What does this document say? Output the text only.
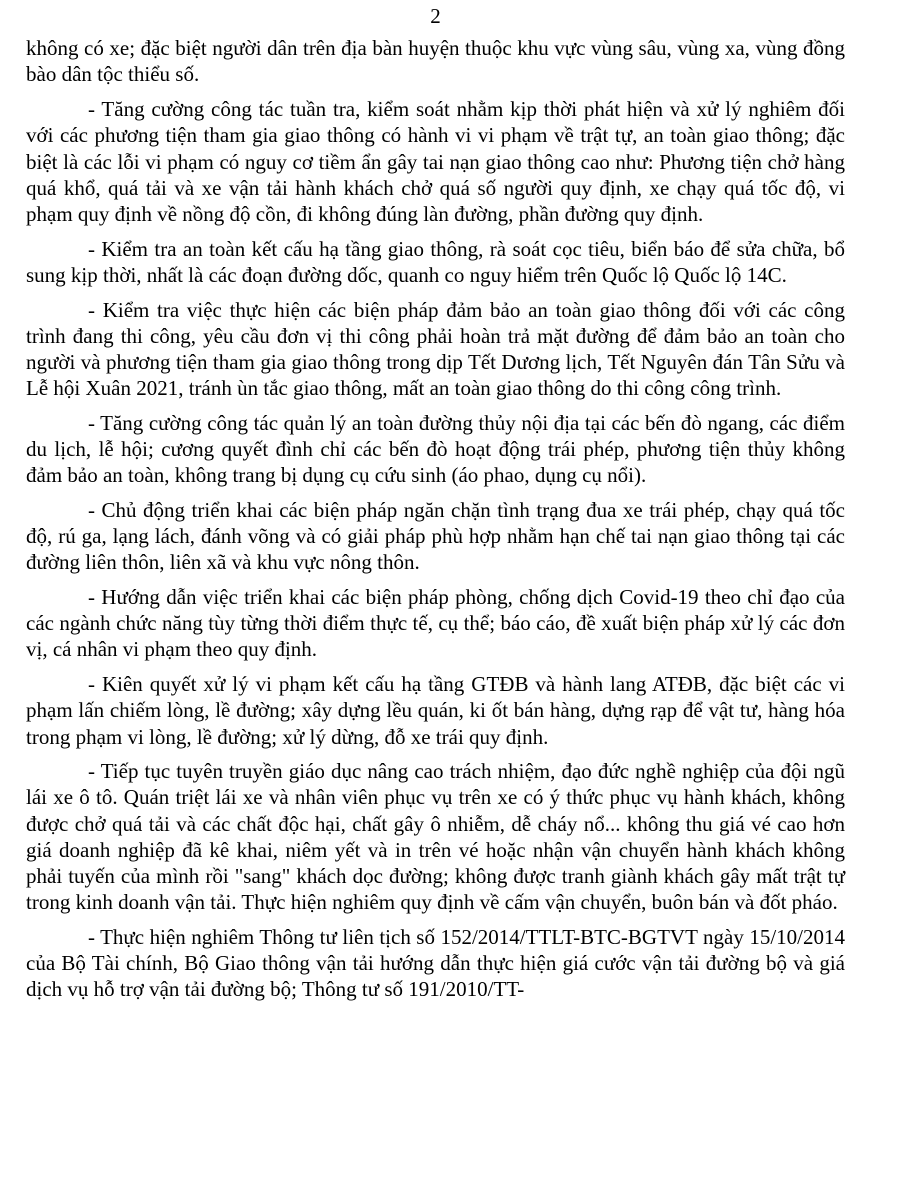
2

không có xe; đặc biệt người dân trên địa bàn huyện thuộc khu vực vùng sâu, vùng xa, vùng đồng bào dân tộc thiểu số.

- Tăng cường công tác tuần tra, kiểm soát nhằm kịp thời phát hiện và xử lý nghiêm đối với các phương tiện tham gia giao thông có hành vi vi phạm về trật tự, an toàn giao thông; đặc biệt là các lỗi vi phạm có nguy cơ tiềm ẩn gây tai nạn giao thông cao như: Phương tiện chở hàng quá khổ, quá tải và xe vận tải hành khách chở quá số người quy định, xe chạy quá tốc độ, vi phạm quy định về nồng độ cồn, đi không đúng làn đường, phần đường quy định.

- Kiểm tra an toàn kết cấu hạ tầng giao thông, rà soát cọc tiêu, biển báo để sửa chữa, bổ sung kịp thời, nhất là các đoạn đường dốc, quanh co nguy hiểm trên Quốc lộ Quốc lộ 14C.

- Kiểm tra việc thực hiện các biện pháp đảm bảo an toàn giao thông đối với các công trình đang thi công, yêu cầu đơn vị thi công phải hoàn trả mặt đường để đảm bảo an toàn cho người và phương tiện tham gia giao thông trong dịp Tết Dương lịch, Tết Nguyên đán Tân Sửu và Lễ hội Xuân 2021, tránh ùn tắc giao thông, mất an toàn giao thông do thi công công trình.

- Tăng cường công tác quản lý an toàn đường thủy nội địa tại các bến đò ngang, các điểm du lịch, lễ hội; cương quyết đình chỉ các bến đò hoạt động trái phép, phương tiện thủy không đảm bảo an toàn, không trang bị dụng cụ cứu sinh (áo phao, dụng cụ nổi).

- Chủ động triển khai các biện pháp ngăn chặn tình trạng đua xe trái phép, chạy quá tốc độ, rú ga, lạng lách, đánh võng và có giải pháp phù hợp nhằm hạn chế tai nạn giao thông tại các đường liên thôn, liên xã và khu vực nông thôn.

- Hướng dẫn việc triển khai các biện pháp phòng, chống dịch Covid-19 theo chỉ đạo của các ngành chức năng tùy từng thời điểm thực tế, cụ thể; báo cáo, đề xuất biện pháp xử lý các đơn vị, cá nhân vi phạm theo quy định.

- Kiên quyết xử lý vi phạm kết cấu hạ tầng GTĐB và hành lang ATĐB, đặc biệt các vi phạm lấn chiếm lòng, lề đường; xây dựng lều quán, ki ốt bán hàng, dựng rạp để vật tư, hàng hóa trong phạm vi lòng, lề đường; xử lý dừng, đỗ xe trái quy định.

- Tiếp tục tuyên truyền giáo dục nâng cao trách nhiệm, đạo đức nghề nghiệp của đội ngũ lái xe ô tô. Quán triệt lái xe và nhân viên phục vụ trên xe có ý thức phục vụ hành khách, không được chở quá tải và các chất độc hại, chất gây ô nhiễm, dễ cháy nổ... không thu giá vé cao hơn giá doanh nghiệp đã kê khai, niêm yết và in trên vé hoặc nhận vận chuyển hành khách không phải tuyến của mình rồi "sang" khách dọc đường; không được tranh giành khách gây mất trật tự trong kinh doanh vận tải. Thực hiện nghiêm quy định về cấm vận chuyển, buôn bán và đốt pháo.

- Thực hiện nghiêm Thông tư liên tịch số 152/2014/TTLT-BTC-BGTVT ngày 15/10/2014 của Bộ Tài chính, Bộ Giao thông vận tải hướng dẫn thực hiện giá cước vận tải đường bộ và giá dịch vụ hỗ trợ vận tải đường bộ; Thông tư số 191/2010/TT-
